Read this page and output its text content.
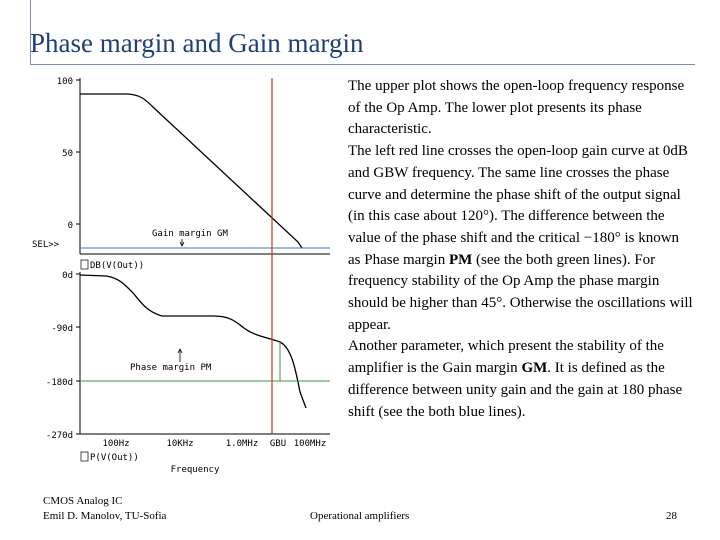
Phase margin and Gain margin
100
50
0
SEL>>
Gain margin GM
0d
-90d
-180d
-270d
DB(V(Out))
Phase margin PM
100Hz	10KHz	1.0MHz GBU 100MHz
P(V(Out))
Frequency

The upper plot shows the open-loop frequency response of the Op Amp. The lower plot presents its phase characteristic.

The left red line crosses the open-loop gain curve at 0dB and GBW frequency. The same line crosses the phase curve and determine the phase shift of the output signal (in this case about 120°). The difference between the value of the phase shift and the critical −180° is known as Phase margin PM (see the both green lines). For frequency stability of the Op Amp the phase margin should be higher than 45°. Otherwise the oscillations will appear.

Another parameter, which present the stability of the amplifier is the Gain margin GM. It is defined as the difference between unity gain and the gain at 180 phase shift (see the both blue lines).

CMOS Analog IC
Emil D. Manolov, TU-Sofia	Operational amplifiers	28
